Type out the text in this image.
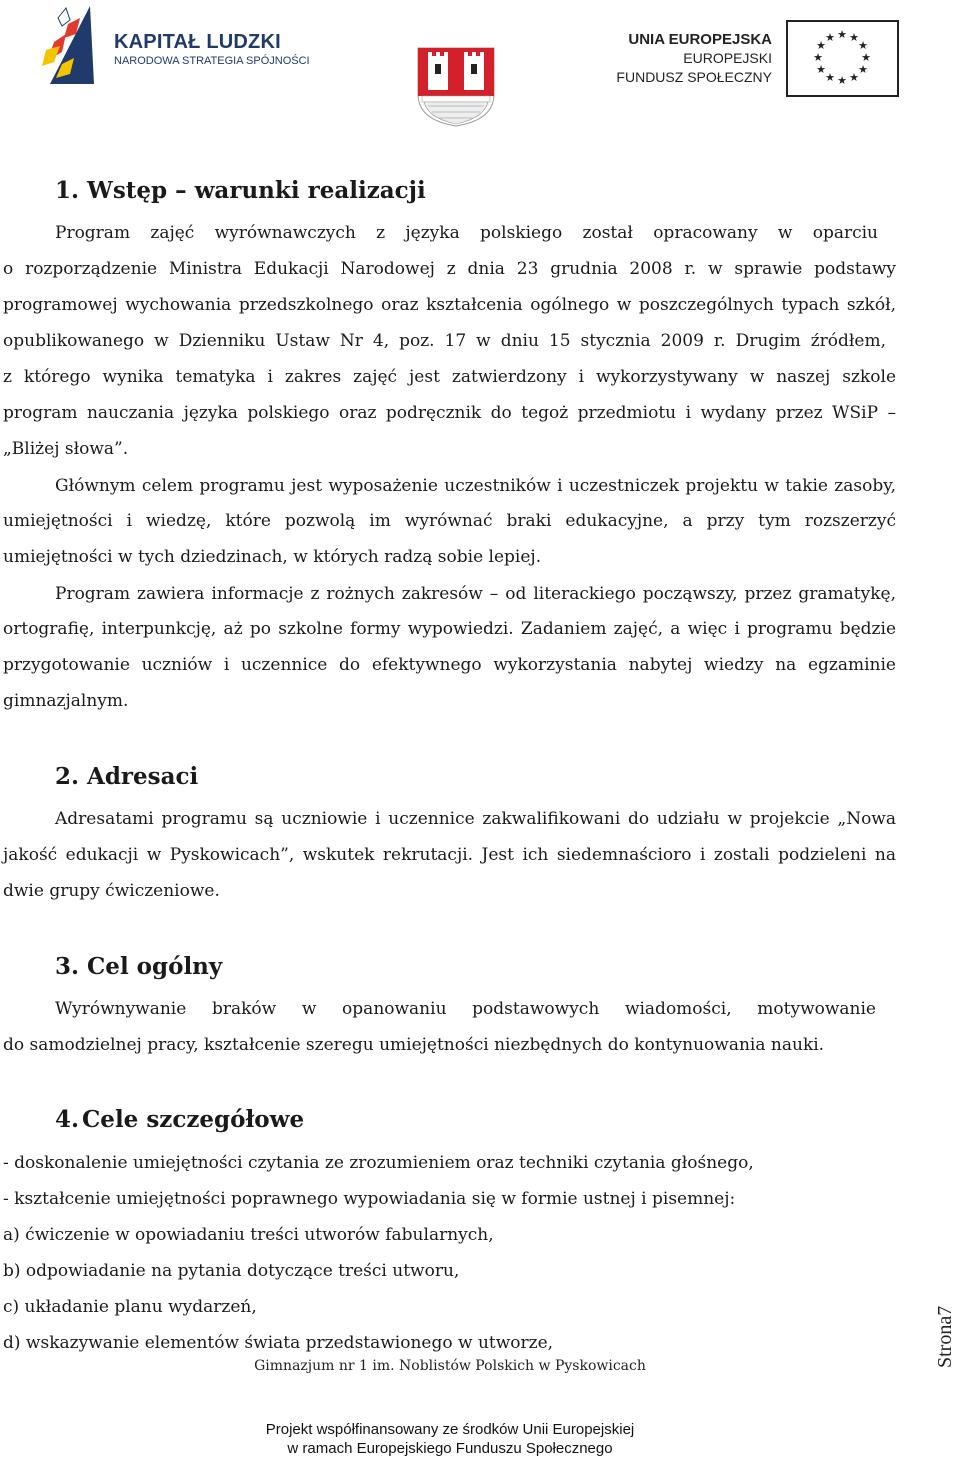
KAPITAŁ LUDZKI
NARODOWA STRATEGIA SPÓJNOŚCI
UNIA EUROPEJSKA
EUROPEJSKI
FUNDUSZ SPOŁECZNY
★ ★
★
★
★
★
★
★
★
★
★
★
1. Wstęp – warunki realizacji
Program zajęć wyrównawczych z języka polskiego został opracowany w oparciu
o rozporządzenie Ministra Edukacji Narodowej z dnia 23 grudnia 2008 r. w sprawie podstawy
programowej wychowania przedszkolnego oraz kształcenia ogólnego w poszczególnych typach szkół,
opublikowanego w Dzienniku Ustaw Nr 4, poz. 17 w dniu 15 stycznia 2009 r. Drugim źródłem,
z którego wynika tematyka i zakres zajęć jest zatwierdzony i wykorzystywany w naszej szkole
program nauczania języka polskiego oraz podręcznik do tegoż przedmiotu i wydany przez WSiP –
„Bliżej słowa”.
Głównym celem programu jest wyposażenie uczestników i uczestniczek projektu w takie zasoby,
umiejętności i wiedzę, które pozwolą im wyrównać braki edukacyjne, a przy tym rozszerzyć
umiejętności w tych dziedzinach, w których radzą sobie lepiej.
Program zawiera informacje z rożnych zakresów – od literackiego począwszy, przez gramatykę,
ortografię, interpunkcję, aż po szkolne formy wypowiedzi. Zadaniem zajęć, a więc i programu będzie
przygotowanie uczniów i uczennice do efektywnego wykorzystania nabytej wiedzy na egzaminie
gimnazjalnym.
2. Adresaci
Adresatami programu są uczniowie i uczennice zakwalifikowani do udziału w projekcie „Nowa
jakość edukacji w Pyskowicach”, wskutek rekrutacji. Jest ich siedemnaścioro i zostali podzieleni na
dwie grupy ćwiczeniowe.
3. Cel ogólny
Wyrównywanie braków w opanowaniu podstawowych wiadomości, motywowanie
do samodzielnej pracy, kształcenie szeregu umiejętności niezbędnych do kontynuowania nauki.
4. Cele szczegółowe
- doskonalenie umiejętności czytania ze zrozumieniem oraz techniki czytania głośnego,
- kształcenie umiejętności poprawnego wypowiadania się w formie ustnej i pisemnej:
a) ćwiczenie w opowiadaniu treści utworów fabularnych,
b) odpowiadanie na pytania dotyczące treści utworu,
c) układanie planu wydarzeń,
d) wskazywanie elementów świata przedstawionego w utworze,
Gimnazjum nr 1 im. Noblistów Polskich w Pyskowicach
Projekt współfinansowany ze środków Unii Europejskiej
w ramach Europejskiego Funduszu Społecznego
Strona7
